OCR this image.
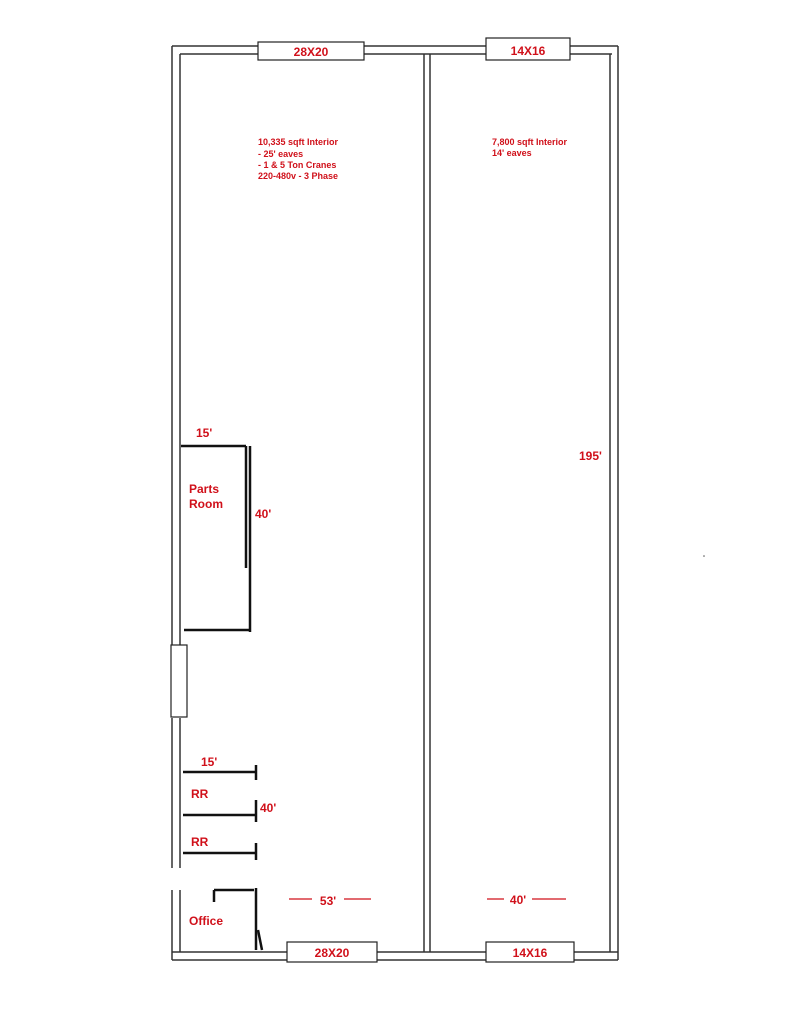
28X20	14X16
28X20	14X16
10,335 sqft Interior
- 25' eaves
- 1 & 5 Ton Cranes
220-480v - 3 Phase
7,800 sqft Interior
14' eaves
15'
Parts
Room
40'
15'
RR
40'
RR
Office
53'	40'
195'
